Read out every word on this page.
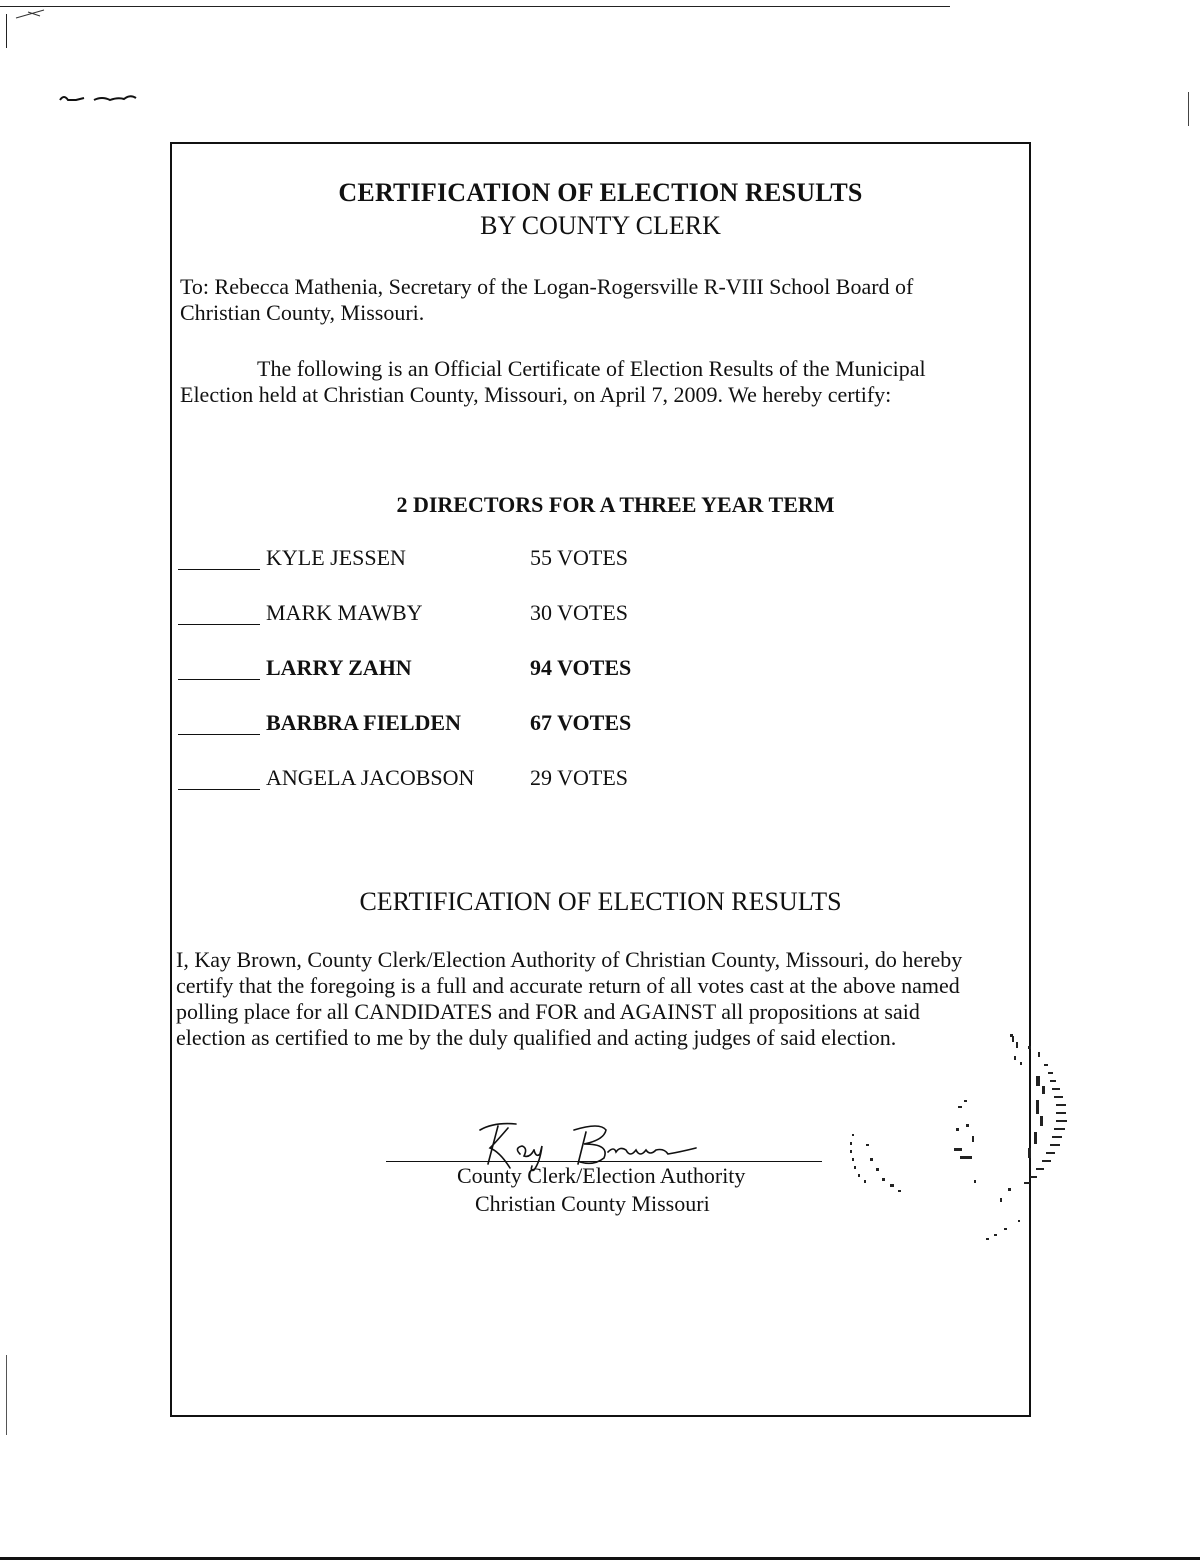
CERTIFICATION OF ELECTION RESULTS
BY COUNTY CLERK
To: Rebecca Mathenia, Secretary of the Logan-Rogersville R-VIII School Board of
Christian County, Missouri.
The following is an Official Certificate of Election Results of the Municipal
Election held at Christian County, Missouri, on April 7, 2009. We hereby certify:
2 DIRECTORS FOR A THREE YEAR TERM
KYLE JESSEN	55 VOTES
MARK MAWBY	30 VOTES
LARRY ZAHN	94 VOTES
BARBRA FIELDEN	67 VOTES
ANGELA JACOBSON	29 VOTES
CERTIFICATION OF ELECTION RESULTS
I, Kay Brown, County Clerk/Election Authority of Christian County, Missouri, do hereby
certify that the foregoing is a full and accurate return of all votes cast at the above named
polling place for all CANDIDATES and FOR and AGAINST all propositions at said
election as certified to me by the duly qualified and acting judges of said election.
County Clerk/Election Authority
Christian County Missouri
